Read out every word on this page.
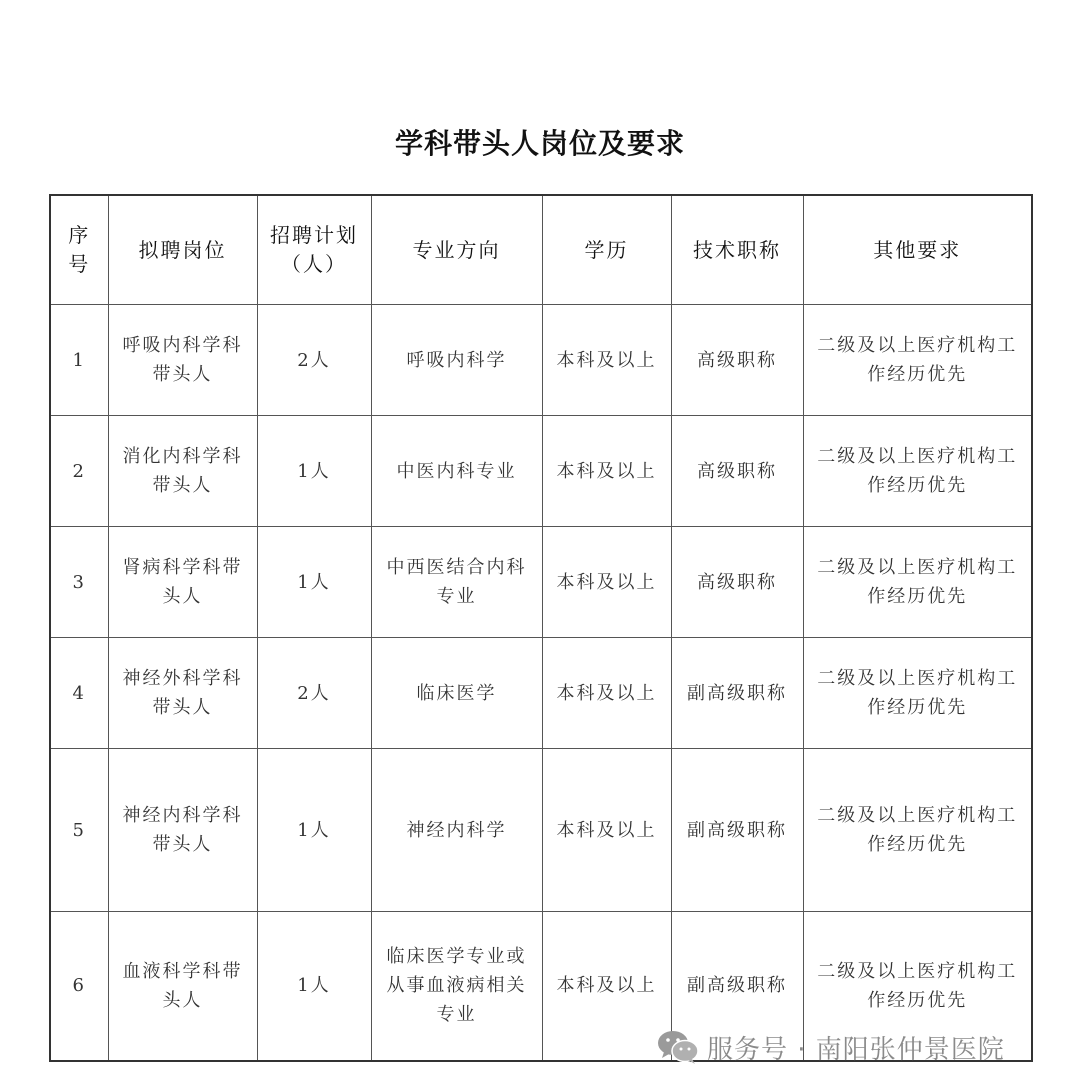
学科带头人岗位及要求
序号	拟聘岗位	招聘计划（人）	专业方向	学历	技术职称	其他要求
1	呼吸内科学科带头人	2人	呼吸内科学	本科及以上	高级职称	二级及以上医疗机构工作经历优先
2	消化内科学科带头人	1人	中医内科专业	本科及以上	高级职称	二级及以上医疗机构工作经历优先
3	肾病科学科带头人	1人	中西医结合内科专业	本科及以上	高级职称	二级及以上医疗机构工作经历优先
4	神经外科学科带头人	2人	临床医学	本科及以上	副高级职称	二级及以上医疗机构工作经历优先
5	神经内科学科带头人	1人	神经内科学	本科及以上	副高级职称	二级及以上医疗机构工作经历优先
6	血液科学科带头人	1人	临床医学专业或从事血液病相关专业	本科及以上	副高级职称	二级及以上医疗机构工作经历优先
服务号 · 南阳张仲景医院
